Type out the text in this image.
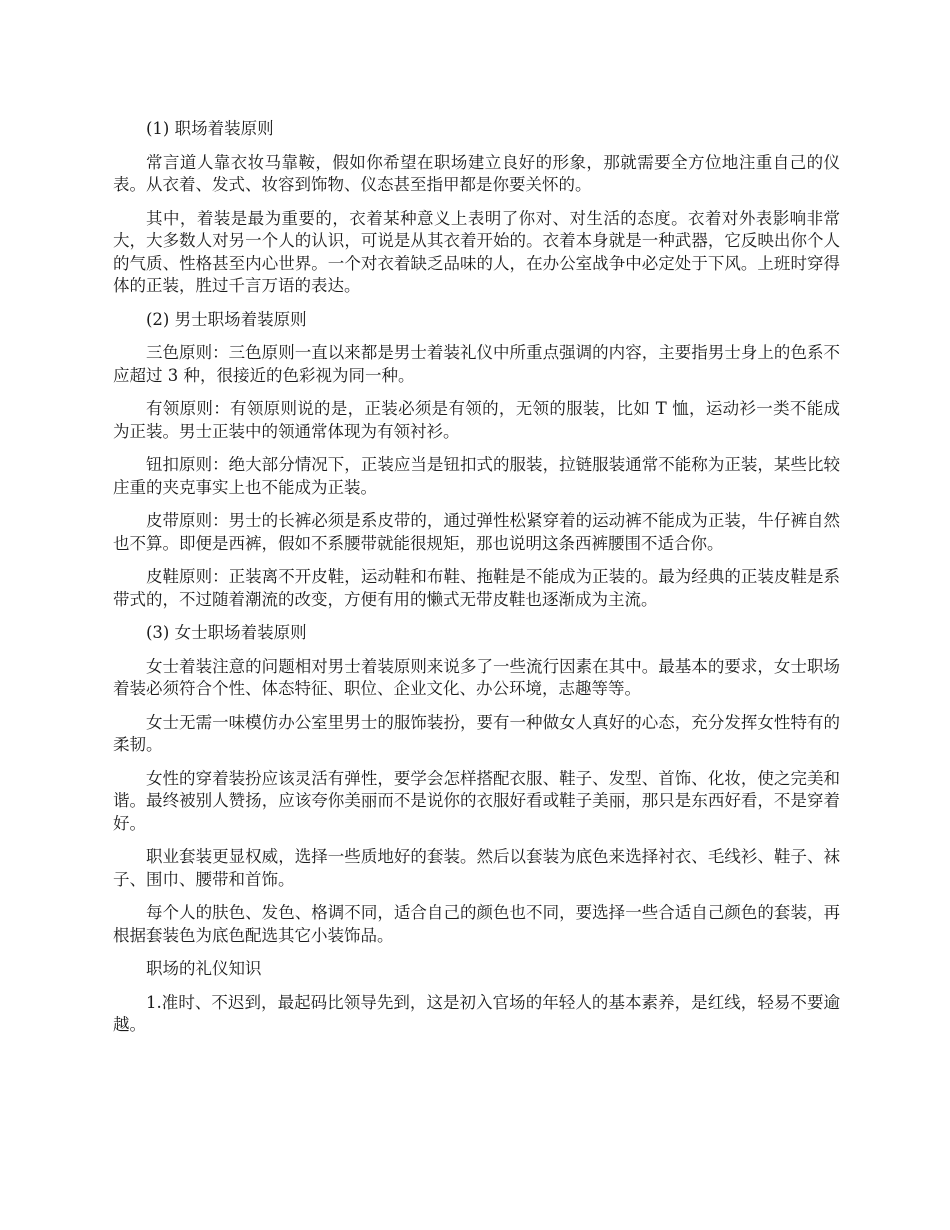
(1) 职场着装原则

常言道人靠衣妆马靠鞍，假如你希望在职场建立良好的形象，那就需要全方位地注重自己的仪表。从衣着、发式、妆容到饰物、仪态甚至指甲都是你要关怀的。

其中，着装是最为重要的，衣着某种意义上表明了你对、对生活的态度。衣着对外表影响非常大，大多数人对另一个人的认识，可说是从其衣着开始的。衣着本身就是一种武器，它反映出你个人的气质、性格甚至内心世界。一个对衣着缺乏品味的人，在办公室战争中必定处于下风。上班时穿得体的正装，胜过千言万语的表达。

(2) 男士职场着装原则

三色原则：三色原则一直以来都是男士着装礼仪中所重点强调的内容，主要指男士身上的色系不应超过 3 种，很接近的色彩视为同一种。

有领原则：有领原则说的是，正装必须是有领的，无领的服装，比如 T 恤，运动衫一类不能成为正装。男士正装中的领通常体现为有领衬衫。

钮扣原则：绝大部分情况下，正装应当是钮扣式的服装，拉链服装通常不能称为正装，某些比较庄重的夹克事实上也不能成为正装。

皮带原则：男士的长裤必须是系皮带的，通过弹性松紧穿着的运动裤不能成为正装，牛仔裤自然也不算。即便是西裤，假如不系腰带就能很规矩，那也说明这条西裤腰围不适合你。

皮鞋原则：正装离不开皮鞋，运动鞋和布鞋、拖鞋是不能成为正装的。最为经典的正装皮鞋是系带式的，不过随着潮流的改变，方便有用的懒式无带皮鞋也逐渐成为主流。

(3) 女士职场着装原则

女士着装注意的问题相对男士着装原则来说多了一些流行因素在其中。最基本的要求，女士职场着装必须符合个性、体态特征、职位、企业文化、办公环境，志趣等等。

女士无需一味模仿办公室里男士的服饰装扮，要有一种做女人真好的心态，充分发挥女性特有的柔韧。

女性的穿着装扮应该灵活有弹性，要学会怎样搭配衣服、鞋子、发型、首饰、化妆，使之完美和谐。最终被别人赞扬，应该夸你美丽而不是说你的衣服好看或鞋子美丽，那只是东西好看，不是穿着好。

职业套装更显权威，选择一些质地好的套装。然后以套装为底色来选择衬衣、毛线衫、鞋子、袜子、围巾、腰带和首饰。

每个人的肤色、发色、格调不同，适合自己的颜色也不同，要选择一些合适自己颜色的套装，再根据套装色为底色配选其它小装饰品。

职场的礼仪知识

1.准时、不迟到，最起码比领导先到，这是初入官场的年轻人的基本素养，是红线，轻易不要逾越。
